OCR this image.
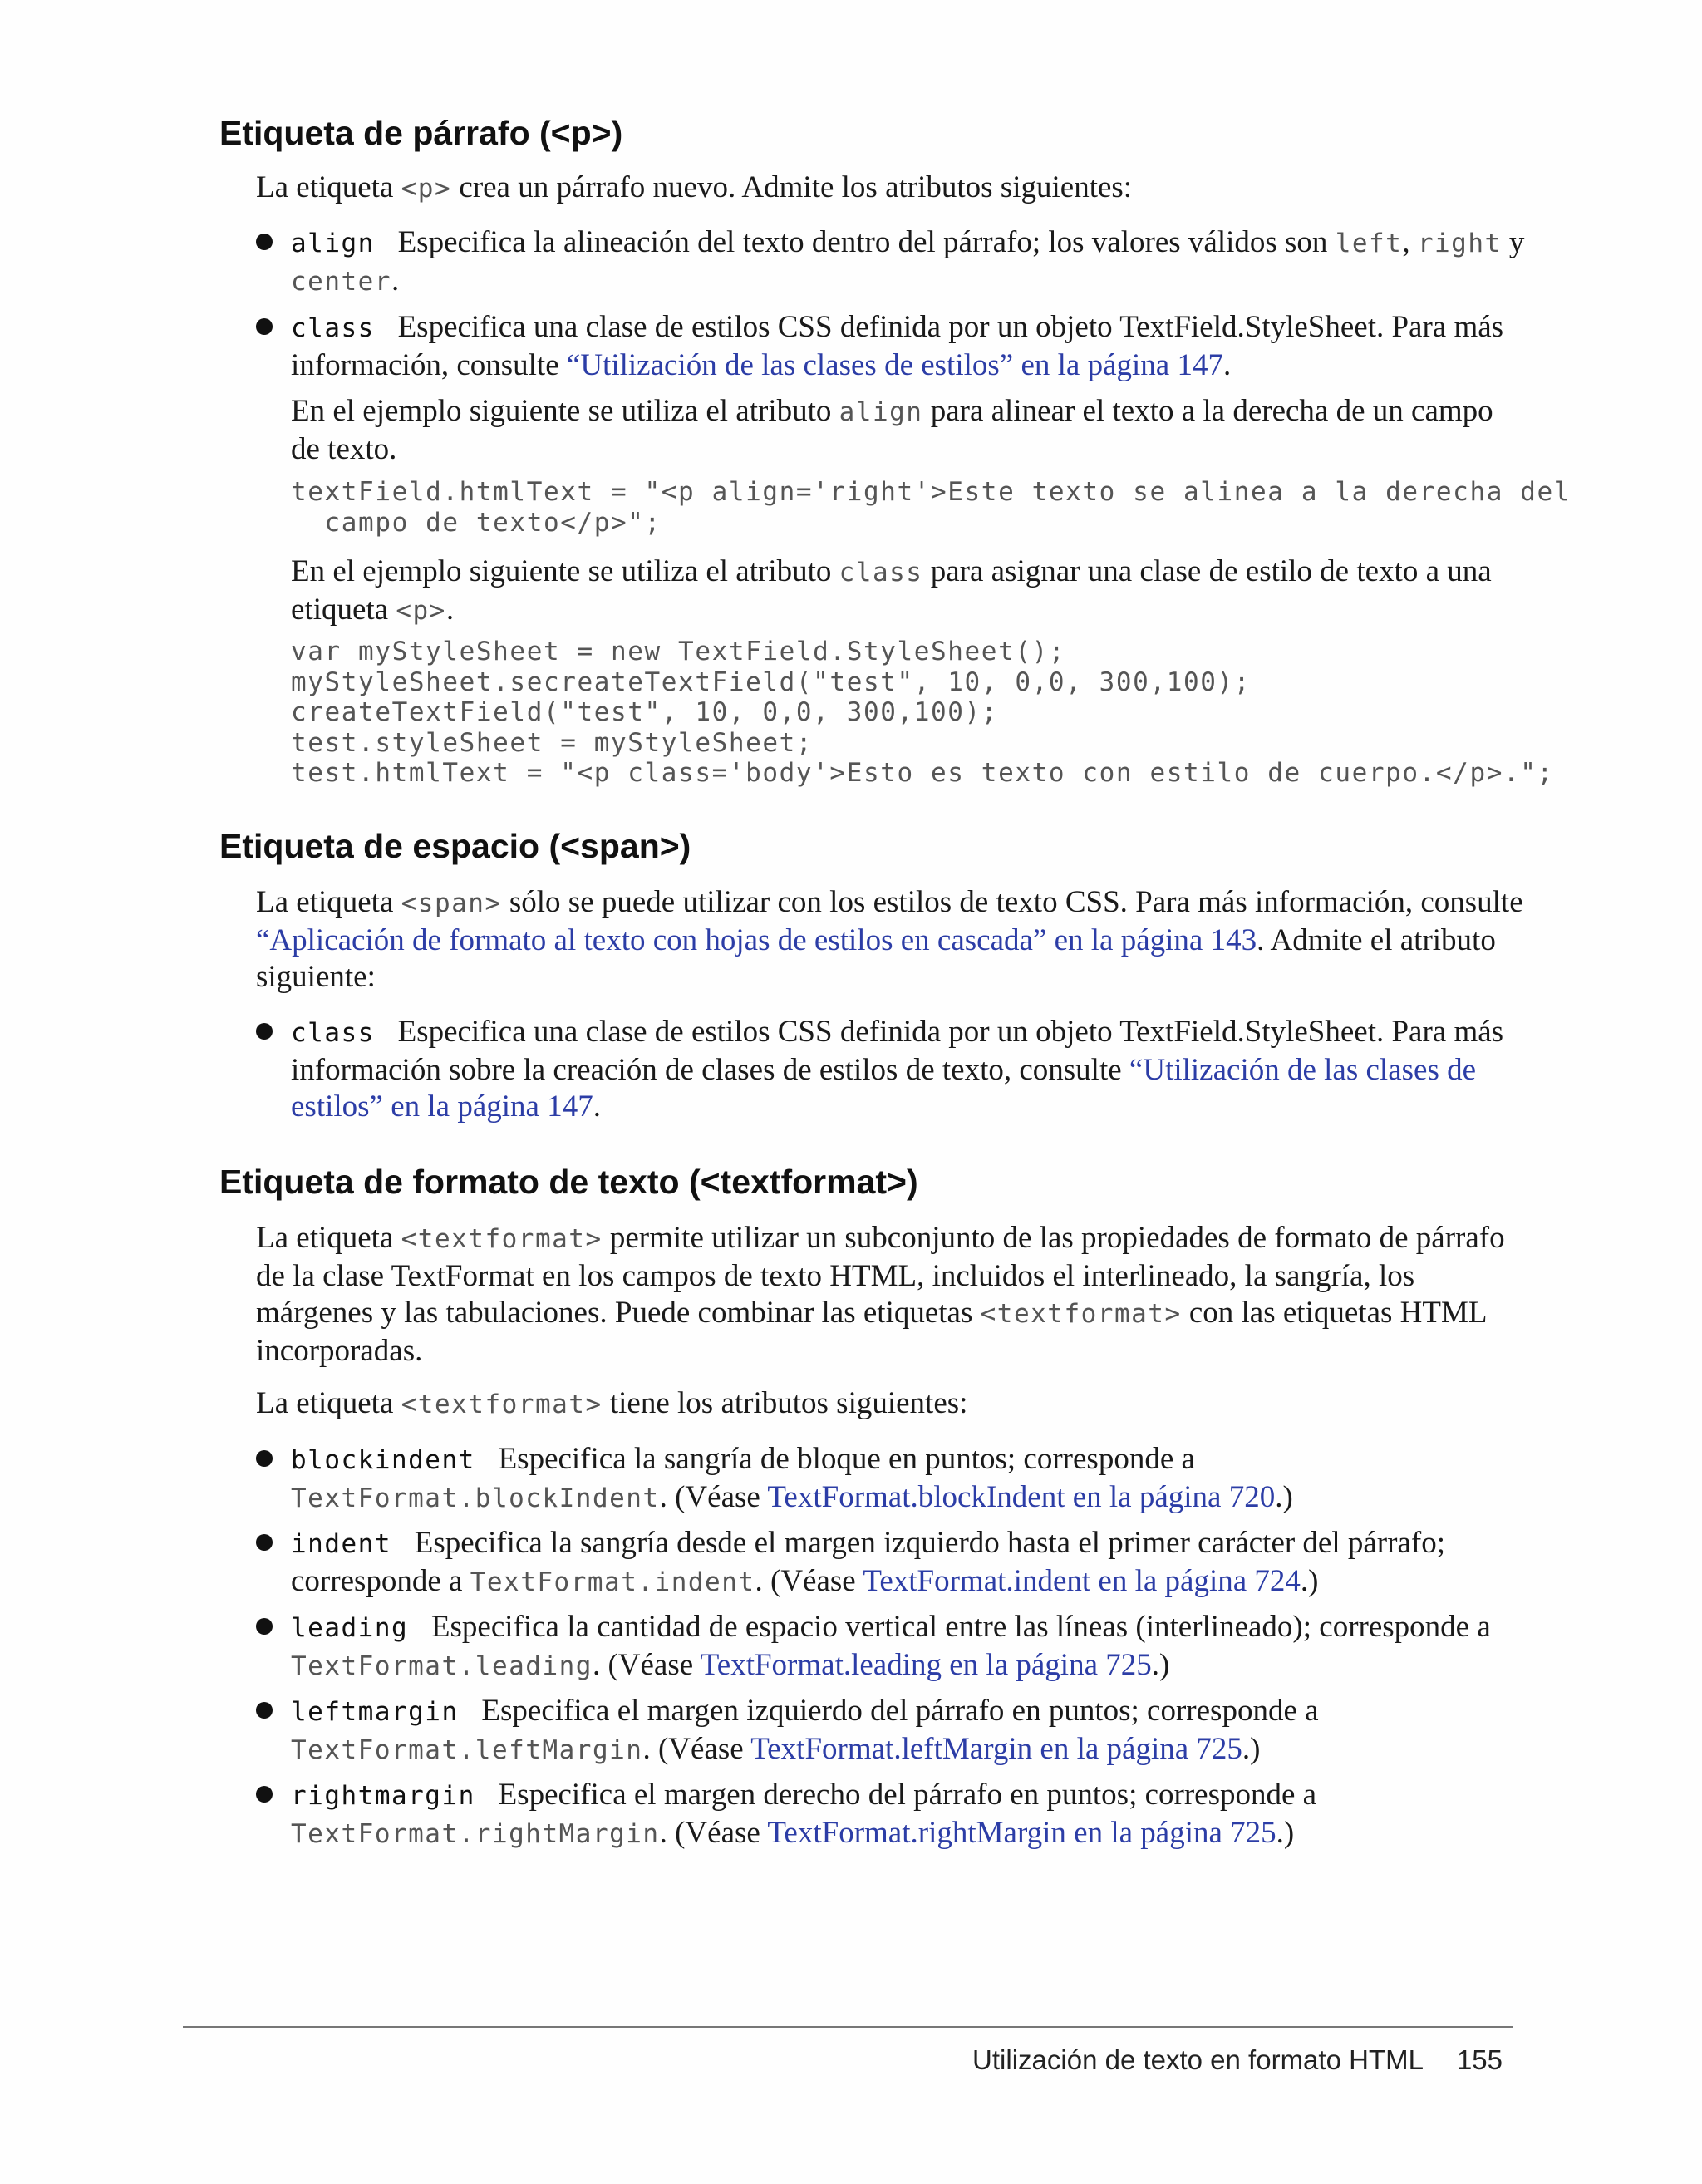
Etiqueta de párrafo (<p>)

La etiqueta <p> crea un párrafo nuevo. Admite los atributos siguientes:

align Especifica la alineación del texto dentro del párrafo; los valores válidos son left, right y center.

class Especifica una clase de estilos CSS definida por un objeto TextField.StyleSheet. Para más información, consulte “Utilización de las clases de estilos” en la página 147.

En el ejemplo siguiente se utiliza el atributo align para alinear el texto a la derecha de un campo de texto.

textField.htmlText = "<p align='right'>Este texto se alinea a la derecha del
campo de texto</p>";

En el ejemplo siguiente se utiliza el atributo class para asignar una clase de estilo de texto a una etiqueta <p>.

var myStyleSheet = new TextField.StyleSheet();
myStyleSheet.secreateTextField("test", 10, 0,0, 300,100);
createTextField("test", 10, 0,0, 300,100);
test.styleSheet = myStyleSheet;
test.htmlText = "<p class='body'>Esto es texto con estilo de cuerpo.</p>.";
Etiqueta de espacio (<span>)

La etiqueta <span> sólo se puede utilizar con los estilos de texto CSS. Para más información, consulte “Aplicación de formato al texto con hojas de estilos en cascada” en la página 143. Admite el atributo siguiente:

class Especifica una clase de estilos CSS definida por un objeto TextField.StyleSheet. Para más información sobre la creación de clases de estilos de texto, consulte “Utilización de las clases de estilos” en la página 147.

Etiqueta de formato de texto (<textformat>)

La etiqueta <textformat> permite utilizar un subconjunto de las propiedades de formato de párrafo de la clase TextFormat en los campos de texto HTML, incluidos el interlineado, la sangría, los márgenes y las tabulaciones. Puede combinar las etiquetas <textformat> con las etiquetas HTML incorporadas.

La etiqueta <textformat> tiene los atributos siguientes:

blockindent Especifica la sangría de bloque en puntos; corresponde a TextFormat.blockIndent. (Véase TextFormat.blockIndent en la página 720.)

indent Especifica la sangría desde el margen izquierdo hasta el primer carácter del párrafo; corresponde a TextFormat.indent. (Véase TextFormat.indent en la página 724.)

leading Especifica la cantidad de espacio vertical entre las líneas (interlineado); corresponde a TextFormat.leading. (Véase TextFormat.leading en la página 725.)

leftmargin Especifica el margen izquierdo del párrafo en puntos; corresponde a TextFormat.leftMargin. (Véase TextFormat.leftMargin en la página 725.)

rightmargin Especifica el margen derecho del párrafo en puntos; corresponde a TextFormat.rightMargin. (Véase TextFormat.rightMargin en la página 725.)

Utilización de texto en formato HTML 155
